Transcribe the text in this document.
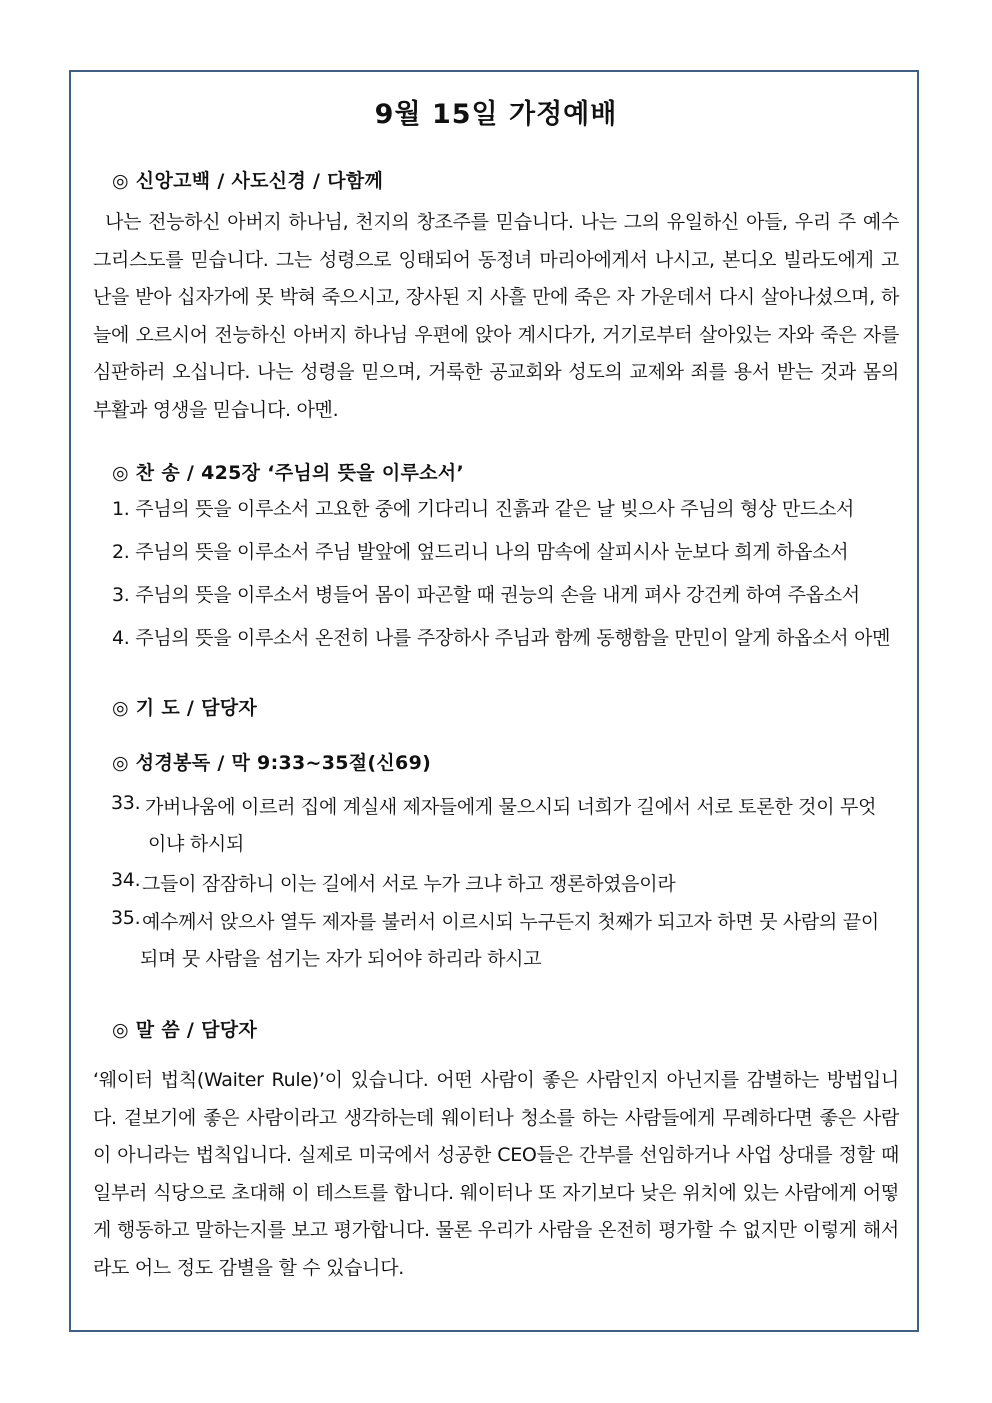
9월 15일 가정예배
◎ 신앙고백 / 사도신경 / 다함께
나는 전능하신 아버지 하나님, 천지의 창조주를 믿습니다. 나는 그의 유일하신 아들, 우리 주 예수 그리스도를 믿습니다. 그는 성령으로 잉태되어 동정녀 마리아에게서 나시고, 본디오 빌라도에게 고난을 받아 십자가에 못 박혀 죽으시고, 장사된 지 사흘 만에 죽은 자 가운데서 다시 살아나셨으며, 하늘에 오르시어 전능하신 아버지 하나님 우편에 앉아 계시다가, 거기로부터 살아있는 자와 죽은 자를 심판하러 오십니다. 나는 성령을 믿으며, 거룩한 공교회와 성도의 교제와 죄를 용서 받는 것과 몸의 부활과 영생을 믿습니다. 아멘.
◎ 찬 송 / 425장 ‘주님의 뜻을 이루소서’
1. 주님의 뜻을 이루소서 고요한 중에 기다리니 진흙과 같은 날 빚으사 주님의 형상 만드소서
2. 주님의 뜻을 이루소서 주님 발앞에 엎드리니 나의 맘속에 살피시사 눈보다 희게 하옵소서
3. 주님의 뜻을 이루소서 병들어 몸이 파곤할 때 권능의 손을 내게 펴사 강건케 하여 주옵소서
4. 주님의 뜻을 이루소서 온전히 나를 주장하사 주님과 함께 동행함을 만민이 알게 하옵소서 아멘
◎ 기 도 / 담당자
◎ 성경봉독 / 막 9:33~35절(신69)
33. 가버나움에 이르러 집에 계실새 제자들에게 물으시되 너희가 길에서 서로 토론한 것이 무엇
이냐 하시되
34. 그들이 잠잠하니 이는 길에서 서로 누가 크냐 하고 쟁론하였음이라
35. 예수께서 앉으사 열두 제자를 불러서 이르시되 누구든지 첫째가 되고자 하면 뭇 사람의 끝이
되며 뭇 사람을 섬기는 자가 되어야 하리라 하시고
◎ 말 씀 / 담당자
‘웨이터 법칙(Waiter Rule)’이 있습니다. 어떤 사람이 좋은 사람인지 아닌지를 감별하는 방법입니다. 겉보기에 좋은 사람이라고 생각하는데 웨이터나 청소를 하는 사람들에게 무례하다면 좋은 사람이 아니라는 법칙입니다. 실제로 미국에서 성공한 CEO들은 간부를 선임하거나 사업 상대를 정할 때 일부러 식당으로 초대해 이 테스트를 합니다. 웨이터나 또 자기보다 낮은 위치에 있는 사람에게 어떻게 행동하고 말하는지를 보고 평가합니다. 물론 우리가 사람을 온전히 평가할 수 없지만 이렇게 해서라도 어느 정도 감별을 할 수 있습니다.
